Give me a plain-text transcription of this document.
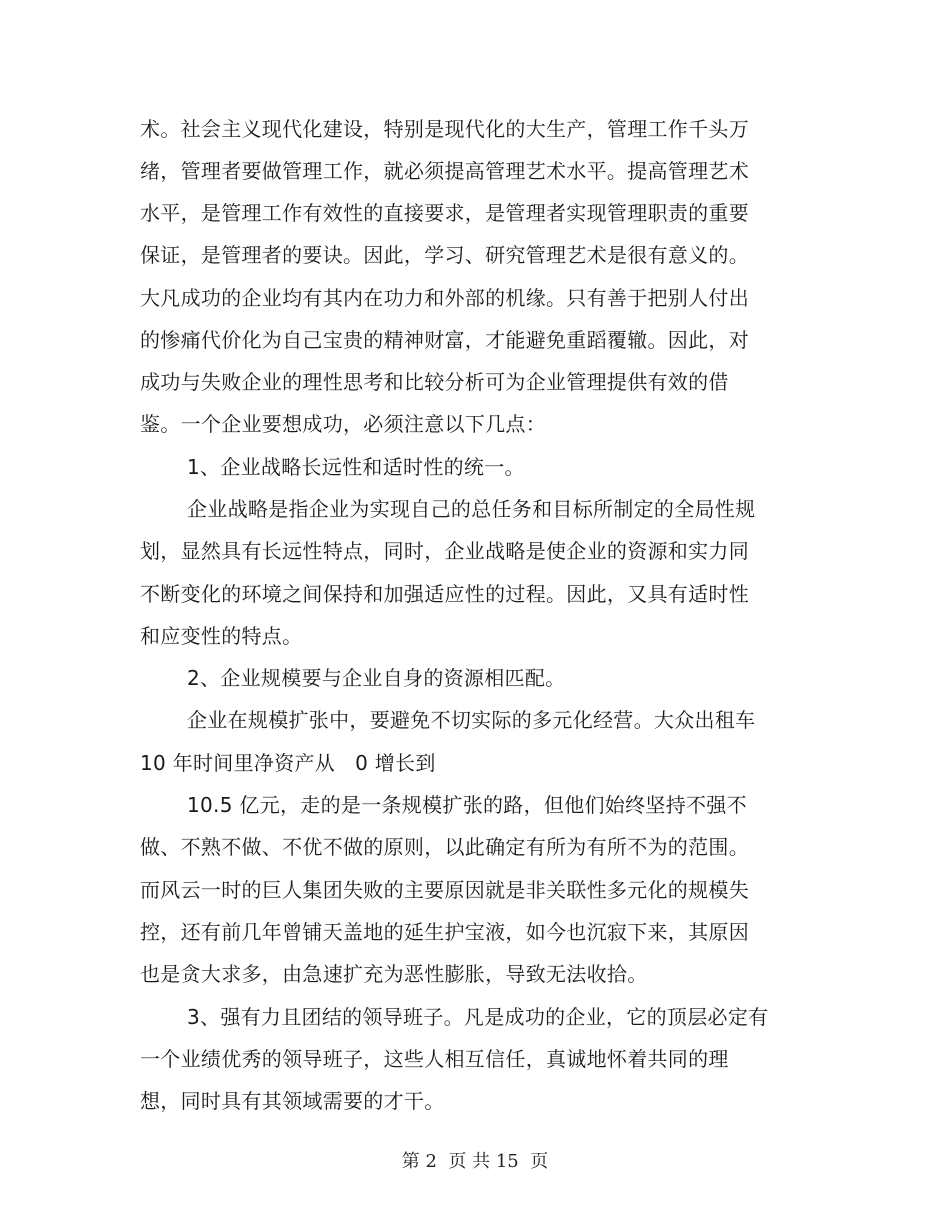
术。社会主义现代化建设，特别是现代化的大生产，管理工作千头万
绪，管理者要做管理工作，就必须提高管理艺术水平。提高管理艺术
水平，是管理工作有效性的直接要求，是管理者实现管理职责的重要
保证，是管理者的要诀。因此，学习、研究管理艺术是很有意义的。
大凡成功的企业均有其内在功力和外部的机缘。只有善于把别人付出
的惨痛代价化为自己宝贵的精神财富，才能避免重蹈覆辙。因此，对
成功与失败企业的理性思考和比较分析可为企业管理提供有效的借
鉴。一个企业要想成功，必须注意以下几点：
1、企业战略长远性和适时性的统一。
企业战略是指企业为实现自己的总任务和目标所制定的全局性规
划，显然具有长远性特点，同时，企业战略是使企业的资源和实力同
不断变化的环境之间保持和加强适应性的过程。因此，又具有适时性
和应变性的特点。
2、企业规模要与企业自身的资源相匹配。
企业在规模扩张中，要避免不切实际的多元化经营。大众出租车
10 年时间里净资产从   0 增长到
10.5 亿元，走的是一条规模扩张的路，但他们始终坚持不强不
做、不熟不做、不优不做的原则，以此确定有所为有所不为的范围。
而风云一时的巨人集团失败的主要原因就是非关联性多元化的规模失
控，还有前几年曾铺天盖地的延生护宝液，如今也沉寂下来，其原因
也是贪大求多，由急速扩充为恶性膨胀，导致无法收拾。
3、强有力且团结的领导班子。凡是成功的企业，它的顶层必定有
一个业绩优秀的领导班子，这些人相互信任，真诚地怀着共同的理
想，同时具有其领域需要的才干。
第 2  页 共 15  页
